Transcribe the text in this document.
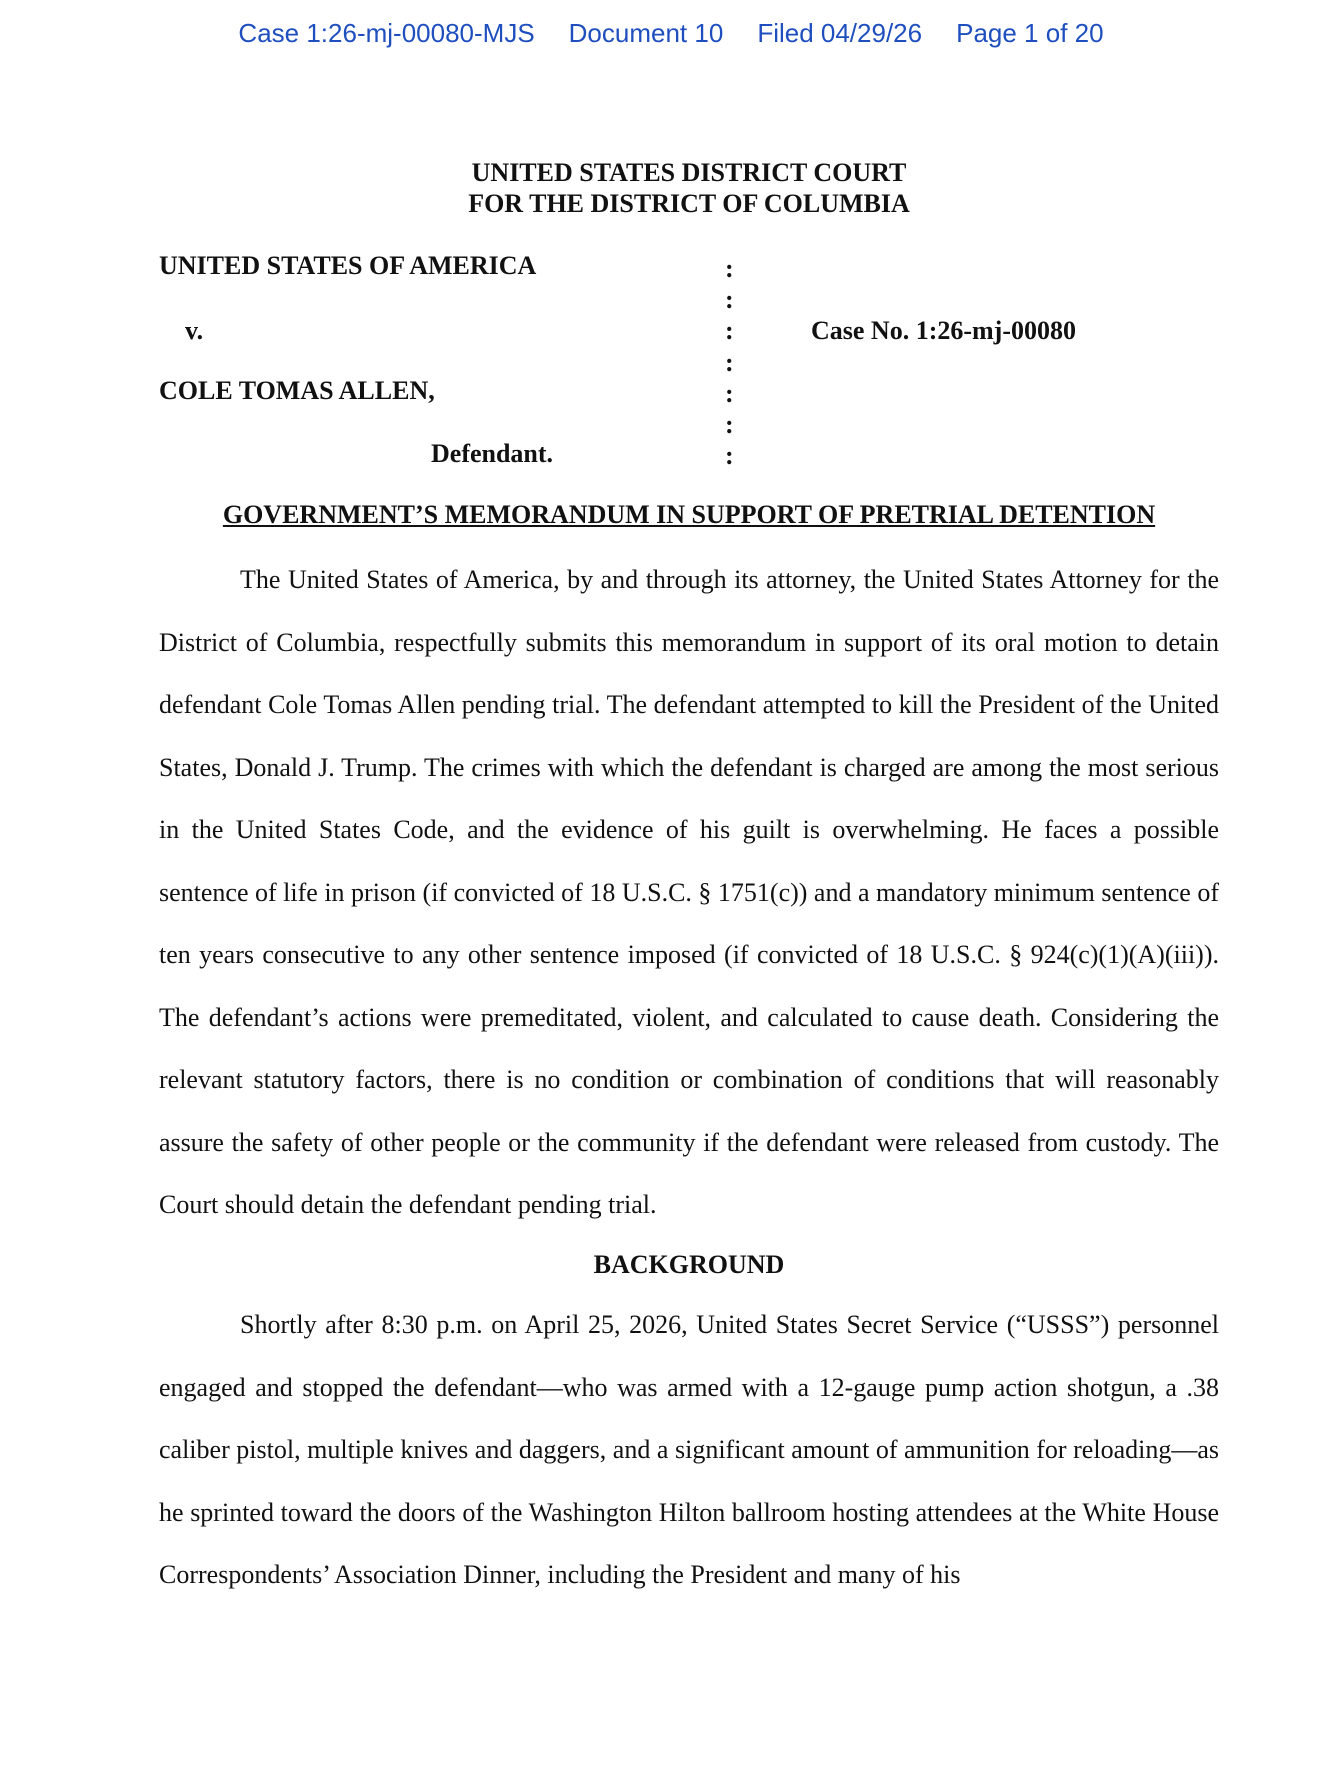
Case 1:26-mj-00080-MJS Document 10 Filed 04/29/26 Page 1 of 20
UNITED STATES DISTRICT COURT
FOR THE DISTRICT OF COLUMBIA
UNITED STATES OF AMERICA
v.
COLE TOMAS ALLEN,
Defendant.
Case No. 1:26-mj-00080
:
:
:
:
:
:
:
GOVERNMENT’S MEMORANDUM IN SUPPORT OF PRETRIAL DETENTION

The United States of America, by and through its attorney, the United States Attorney for the District of Columbia, respectfully submits this memorandum in support of its oral motion to detain defendant Cole Tomas Allen pending trial. The defendant attempted to kill the President of the United States, Donald J. Trump. The crimes with which the defendant is charged are among the most serious in the United States Code, and the evidence of his guilt is overwhelming. He faces a possible sentence of life in prison (if convicted of 18 U.S.C. § 1751(c)) and a mandatory minimum sentence of ten years consecutive to any other sentence imposed (if convicted of 18 U.S.C. § 924(c)(1)(A)(iii)). The defendant’s actions were premeditated, violent, and calculated to cause death. Considering the relevant statutory factors, there is no condition or combination of conditions that will reasonably assure the safety of other people or the community if the defendant were released from custody. The Court should detain the defendant pending trial.

BACKGROUND

Shortly after 8:30 p.m. on April 25, 2026, United States Secret Service (“USSS”) personnel engaged and stopped the defendant—who was armed with a 12-gauge pump action shotgun, a .38 caliber pistol, multiple knives and daggers, and a significant amount of ammunition for reloading—as he sprinted toward the doors of the Washington Hilton ballroom hosting attendees at the White House Correspondents’ Association Dinner, including the President and many of his
